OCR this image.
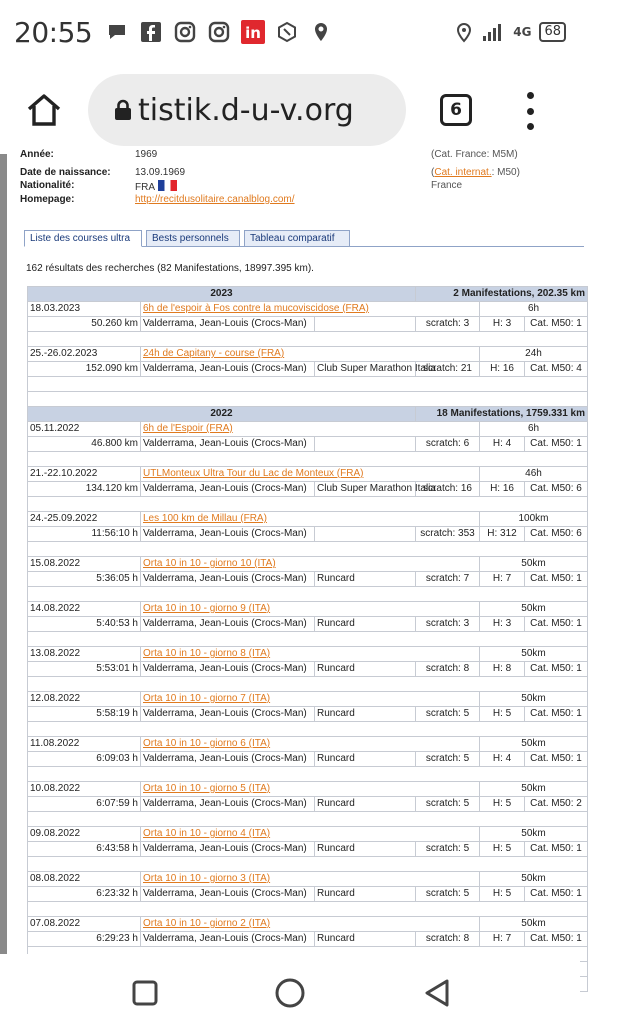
20:55	in	4G	68
tistik.d-u-v.org	6
Année:	1969	(Cat. France: M5M)
Date de naissance: 13.09.1969	(Cat. internat.: M50)
Nationalité:	FRA	France
Homepage:	http://recitdusolitaire.canalblog.com/
Liste des courses ultra	Bests personnels	Tableau comparatif
162 résultats des recherches (82 Manifestations, 18997.395 km).
2023			2 Manifestations, 202.35 km		
18.03.2023	6h de l'espoir à Fos contre la mucoviscidose (FRA)			6h	
50.260 km	Valderrama, Jean-Louis (Crocs-Man)		scratch: 3	H: 3	Cat. M50: 1

25.-26.02.2023	24h de Capitany - course (FRA)			24h	
152.090 km	Valderrama, Jean-Louis (Crocs-Man)	Club Super Marathon Italia	scratch: 21	H: 16	Cat. M50: 4

2022			18 Manifestations, 1759.331 km		
05.11.2022	6h de l'Espoir (FRA)			6h	
46.800 km	Valderrama, Jean-Louis (Crocs-Man)		scratch: 6	H: 4	Cat. M50: 1

21.-22.10.2022	UTLMonteux Ultra Tour du Lac de Monteux (FRA)			46h	
134.120 km	Valderrama, Jean-Louis (Crocs-Man)	Club Super Marathon Italia	scratch: 16	H: 16	Cat. M50: 6

24.-25.09.2022	Les 100 km de Millau (FRA)			100km	
11:56:10 h	Valderrama, Jean-Louis (Crocs-Man)		scratch: 353	H: 312	Cat. M50: 6

15.08.2022	Orta 10 in 10 - giorno 10 (ITA)			50km	
5:36:05 h	Valderrama, Jean-Louis (Crocs-Man)	Runcard	scratch: 7	H: 7	Cat. M50: 1

14.08.2022	Orta 10 in 10 - giorno 9 (ITA)			50km	
5:40:53 h	Valderrama, Jean-Louis (Crocs-Man)	Runcard	scratch: 3	H: 3	Cat. M50: 1

13.08.2022	Orta 10 in 10 - giorno 8 (ITA)			50km	
5:53:01 h	Valderrama, Jean-Louis (Crocs-Man)	Runcard	scratch: 8	H: 8	Cat. M50: 1

12.08.2022	Orta 10 in 10 - giorno 7 (ITA)			50km	
5:58:19 h	Valderrama, Jean-Louis (Crocs-Man)	Runcard	scratch: 5	H: 5	Cat. M50: 1

11.08.2022	Orta 10 in 10 - giorno 6 (ITA)			50km	
6:09:03 h	Valderrama, Jean-Louis (Crocs-Man)	Runcard	scratch: 5	H: 4	Cat. M50: 1

10.08.2022	Orta 10 in 10 - giorno 5 (ITA)			50km	
6:07:59 h	Valderrama, Jean-Louis (Crocs-Man)	Runcard	scratch: 5	H: 5	Cat. M50: 2

09.08.2022	Orta 10 in 10 - giorno 4 (ITA)			50km	
6:43:58 h	Valderrama, Jean-Louis (Crocs-Man)	Runcard	scratch: 5	H: 5	Cat. M50: 1

08.08.2022	Orta 10 in 10 - giorno 3 (ITA)			50km	
6:23:32 h	Valderrama, Jean-Louis (Crocs-Man)	Runcard	scratch: 5	H: 5	Cat. M50: 1

07.08.2022	Orta 10 in 10 - giorno 2 (ITA)			50km	
6:29:23 h	Valderrama, Jean-Louis (Crocs-Man)	Runcard	scratch: 8	H: 7	Cat. M50: 1
